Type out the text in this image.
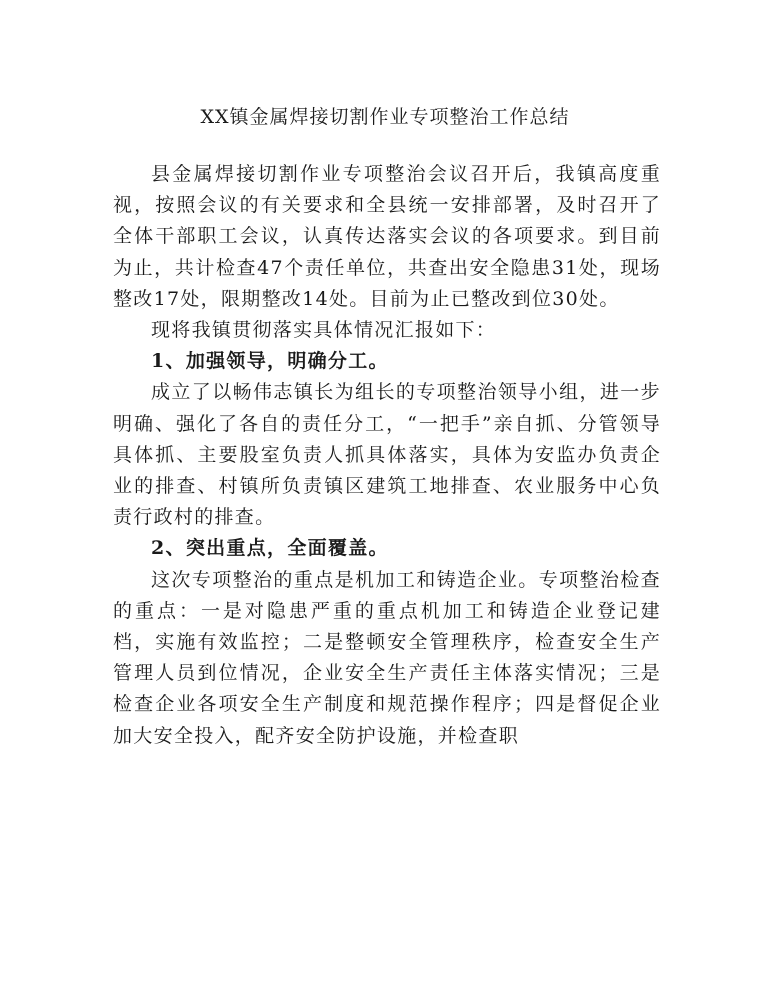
XX镇金属焊接切割作业专项整治工作总结

县金属焊接切割作业专项整治会议召开后，我镇高度重视，按照会议的有关要求和全县统一安排部署，及时召开了全体干部职工会议，认真传达落实会议的各项要求。到目前为止，共计检查47个责任单位，共查出安全隐患31处，现场整改17处，限期整改14处。目前为止已整改到位30处。

现将我镇贯彻落实具体情况汇报如下：

1、加强领导，明确分工。

成立了以畅伟志镇长为组长的专项整治领导小组，进一步明确、强化了各自的责任分工，“一把手”亲自抓、分管领导具体抓、主要股室负责人抓具体落实，具体为安监办负责企业的排查、村镇所负责镇区建筑工地排查、农业服务中心负责行政村的排查。

2、突出重点，全面覆盖。

这次专项整治的重点是机加工和铸造企业。专项整治检查的重点：一是对隐患严重的重点机加工和铸造企业登记建档，实施有效监控；二是整顿安全管理秩序，检查安全生产管理人员到位情况，企业安全生产责任主体落实情况；三是检查企业各项安全生产制度和规范操作程序；四是督促企业加大安全投入，配齐安全防护设施，并检查职
